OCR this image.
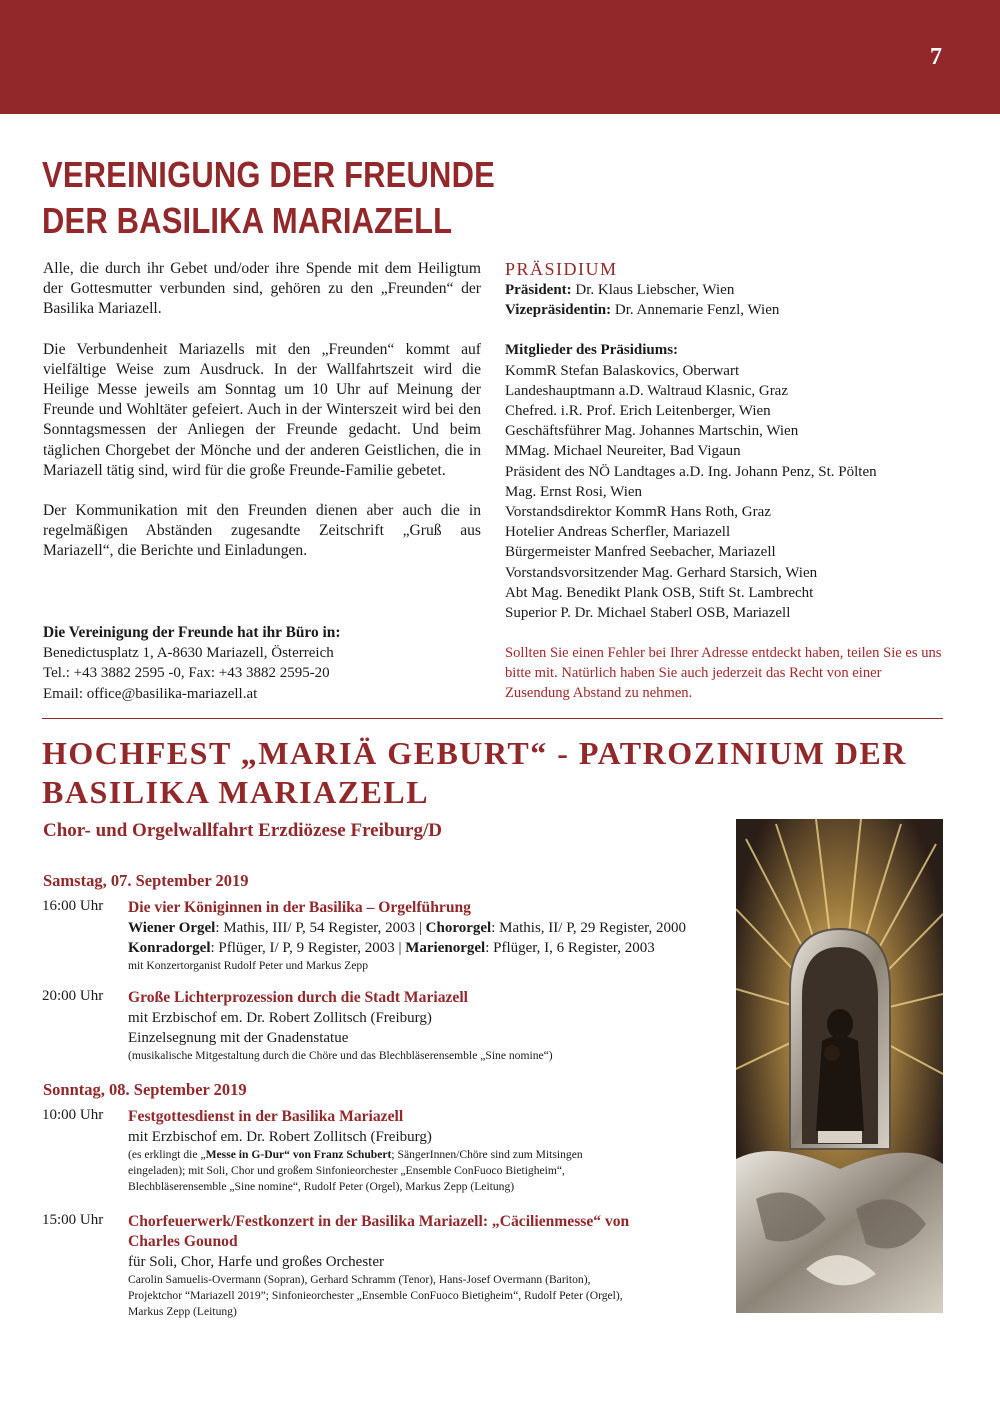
7
VEREINIGUNG DER FREUNDE
DER BASILIKA MARIAZELL

Alle, die durch ihr Gebet und/oder ihre Spende mit dem Heiligtum der Gottesmutter verbunden sind, gehören zu den „Freunden“ der Basilika Mariazell.

Die Verbundenheit Mariazells mit den „Freunden“ kommt auf vielfältige Weise zum Ausdruck. In der Wallfahrtszeit wird die Heilige Messe jeweils am Sonntag um 10 Uhr auf Meinung der Freunde und Wohltäter gefeiert. Auch in der Winterszeit wird bei den Sonntagsmessen der Anliegen der Freunde gedacht. Und beim täglichen Chorgebet der Mönche und der anderen Geistlichen, die in Mariazell tätig sind, wird für die große Freunde-Familie gebetet.

Der Kommunikation mit den Freunden dienen aber auch die in regelmäßigen Abständen zugesandte Zeitschrift „Gruß aus Mariazell“, die Berichte und Einladungen.

Die Vereinigung der Freunde hat ihr Büro in:
Benedictusplatz 1, A-8630 Mariazell, Österreich
Tel.: +43 3882 2595 -0, Fax: +43 3882 2595-20
Email: office@basilika-mariazell.at
PRÄSIDIUM
Präsident: Dr. Klaus Liebscher, Wien
Vizepräsidentin: Dr. Annemarie Fenzl, Wien
Mitglieder des Präsidiums:
KommR Stefan Balaskovics, Oberwart
Landeshauptmann a.D. Waltraud Klasnic, Graz
Chefred. i.R. Prof. Erich Leitenberger, Wien
Geschäftsführer Mag. Johannes Martschin, Wien
MMag. Michael Neureiter, Bad Vigaun
Präsident des NÖ Landtages a.D. Ing. Johann Penz, St. Pölten
Mag. Ernst Rosi, Wien
Vorstandsdirektor KommR Hans Roth, Graz
Hotelier Andreas Scherfler, Mariazell
Bürgermeister Manfred Seebacher, Mariazell
Vorstandsvorsitzender Mag. Gerhard Starsich, Wien
Abt Mag. Benedikt Plank OSB, Stift St. Lambrecht
Superior P. Dr. Michael Staberl OSB, Mariazell
Sollten Sie einen Fehler bei Ihrer Adresse entdeckt haben, teilen Sie es uns bitte mit. Natürlich haben Sie auch jederzeit das Recht von einer Zusendung Abstand zu nehmen.
HOCHFEST „MARIÄ GEBURT“ - PATROZINIUM DER
BASILIKA MARIAZELL
Chor- und Orgelwallfahrt Erzdiözese Freiburg/D
Samstag, 07. September 2019
16:00 Uhr Die vier Königinnen in der Basilika – Orgelführung
Wiener Orgel: Mathis, III/ P, 54 Register, 2003 | Chororgel: Mathis, II/ P, 29 Register, 2000
Konradorgel: Pflüger, I/ P, 9 Register, 2003 | Marienorgel: Pflüger, I, 6 Register, 2003
mit Konzertorganist Rudolf Peter und Markus Zepp
20:00 Uhr Große Lichterprozession durch die Stadt Mariazell
mit Erzbischof em. Dr. Robert Zollitsch (Freiburg)
Einzelsegnung mit der Gnadenstatue
(musikalische Mitgestaltung durch die Chöre und das Blechbläserensemble „Sine nomine“)
Sonntag, 08. September 2019
10:00 Uhr Festgottesdienst in der Basilika Mariazell
mit Erzbischof em. Dr. Robert Zollitsch (Freiburg)
(es erklingt die „Messe in G-Dur“ von Franz Schubert; SängerInnen/Chöre sind zum Mitsingen
eingeladen); mit Soli, Chor und großem Sinfonieorchester „Ensemble ConFuoco Bietigheim“,
Blechbläserensemble „Sine nomine“, Rudolf Peter (Orgel), Markus Zepp (Leitung)
15:00 Uhr Chorfeuerwerk/Festkonzert in der Basilika Mariazell: „Cäcilienmesse“ von
Charles Gounod
für Soli, Chor, Harfe und großes Orchester
Carolin Samuelis-Overmann (Sopran), Gerhard Schramm (Tenor), Hans-Josef Overmann (Bariton),
Projektchor “Mariazell 2019”; Sinfonieorchester „Ensemble ConFuoco Bietigheim“, Rudolf Peter (Orgel),
Markus Zepp (Leitung)
